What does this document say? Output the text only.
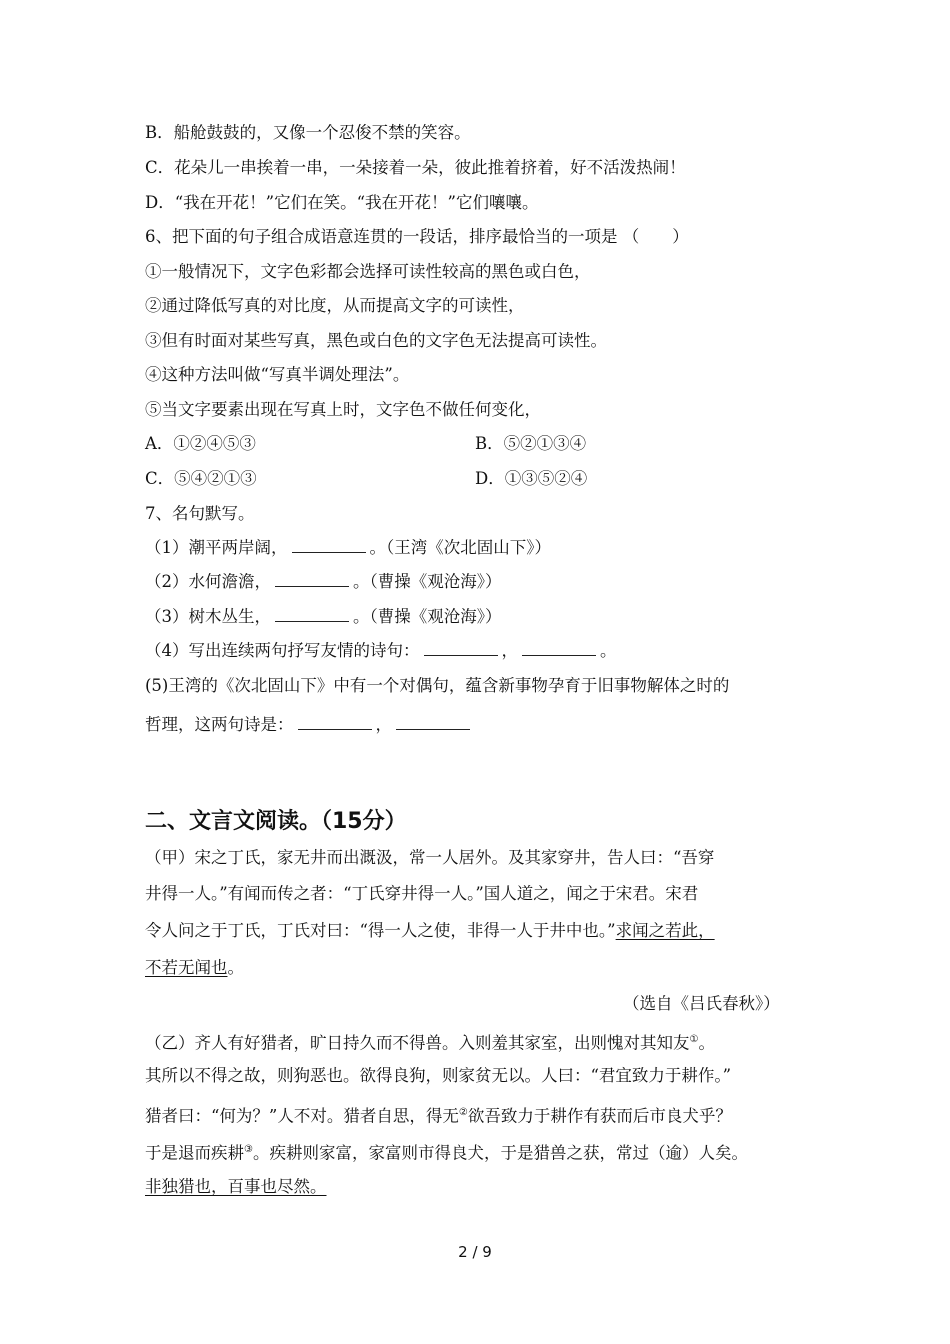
B．船舱鼓鼓的，又像一个忍俊不禁的笑容。
C．花朵儿一串挨着一串，一朵接着一朵，彼此推着挤着，好不活泼热闹！
D．“我在开花！”它们在笑。“我在开花！”它们嚷嚷。
6、把下面的句子组合成语意连贯的一段话，排序最恰当的一项是 （　　）
①一般情况下，文字色彩都会选择可读性较高的黑色或白色，
②通过降低写真的对比度，从而提高文字的可读性，
③但有时面对某些写真，黑色或白色的文字色无法提高可读性。
④这种方法叫做“写真半调处理法”。
⑤当文字要素出现在写真上时，文字色不做任何变化，
A．①②④⑤③	B．⑤②①③④
C．⑤④②①③	D．①③⑤②④
7、名句默写。
（1）潮平两岸阔，	。（王湾《次北固山下》）
（2）水何澹澹，	。（曹操《观沧海》）
（3）树木丛生，	。（曹操《观沧海》）
（4）写出连续两句抒写友情的诗句：	，	。
(5)王湾的《次北固山下》中有一个对偶句，蕴含新事物孕育于旧事物解体之时的
哲理，这两句诗是：	，
二、文言文阅读。（15分）
（甲）宋之丁氏，家无井而出溉汲，常一人居外。及其家穿井，告人曰：“吾穿
井得一人。”有闻而传之者：“丁氏穿井得一人。”国人道之，闻之于宋君。宋君
令人问之于丁氏，丁氏对曰：“得一人之使，非得一人于井中也。”求闻之若此，
不若无闻也。
（选自《吕氏春秋》）
（乙）齐人有好猎者，旷日持久而不得兽。入则羞其家室，出则愧对其知友①。
其所以不得之故，则狗恶也。欲得良狗，则家贫无以。人曰：“君宜致力于耕作。”
猎者曰：“何为？”人不对。猎者自思，得无②欲吾致力于耕作有获而后市良犬乎？
于是退而疾耕③。疾耕则家富，家富则市得良犬，于是猎兽之获，常过（逾）人矣。
非独猎也，百事也尽然。
2 / 9
